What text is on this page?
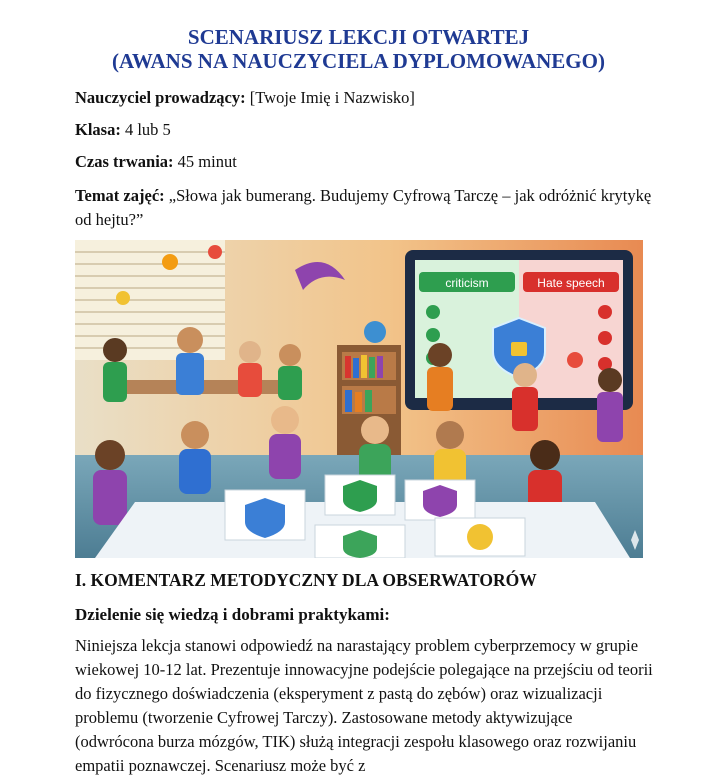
SCENARIUSZ LEKCJI OTWARTEJ
(AWANS NA NAUCZYCIELA DYPLOMOWANEGO)
Nauczyciel prowadzący: [Twoje Imię i Nazwisko]
Klasa: 4 lub 5
Czas trwania: 45 minut
Temat zajęć: „Słowa jak bumerang. Budujemy Cyfrową Tarczę – jak odróżnić krytykę od hejtu?”
criticism	Hate speech
I. KOMENTARZ METODYCZNY DLA OBSERWATORÓW
Dzielenie się wiedzą i dobrami praktykami:
Niniejsza lekcja stanowi odpowiedź na narastający problem cyberprzemocy w grupie wiekowej 10-12 lat. Prezentuje innowacyjne podejście polegające na przejściu od teorii do fizycznego doświadczenia (eksperyment z pastą do zębów) oraz wizualizacji problemu (tworzenie Cyfrowej Tarczy). Zastosowane metody aktywizujące (odwrócona burza mózgów, TIK) służą integracji zespołu klasowego oraz rozwijaniu empatii poznawczej. Scenariusz może być z
